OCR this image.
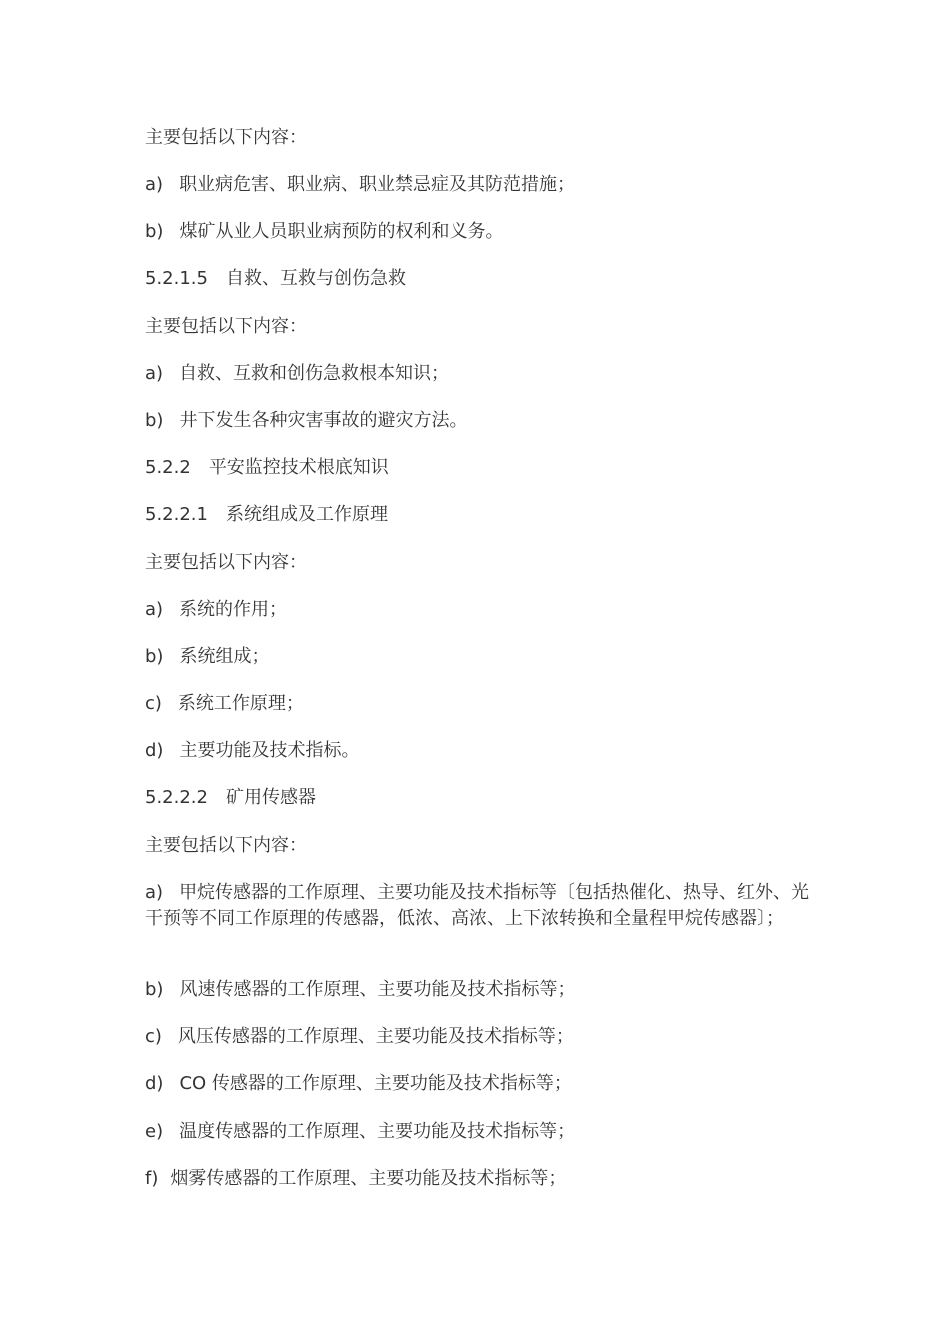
主要包括以下内容：
a) 职业病危害、职业病、职业禁忌症及其防范措施；
b) 煤矿从业人员职业病预防的权利和义务。
5.2.1.5 自救、互救与创伤急救
主要包括以下内容：
a) 自救、互救和创伤急救根本知识；
b) 井下发生各种灾害事故的避灾方法。
5.2.2 平安监控技术根底知识
5.2.2.1 系统组成及工作原理
主要包括以下内容：
a) 系统的作用；
b) 系统组成；
c) 系统工作原理；
d) 主要功能及技术指标。
5.2.2.2 矿用传感器
主要包括以下内容：
a) 甲烷传感器的工作原理、主要功能及技术指标等〔包括热催化、热导、红外、光干预等不同工作原理的传感器，低浓、高浓、上下浓转换和全量程甲烷传感器〕；
b) 风速传感器的工作原理、主要功能及技术指标等；
c) 风压传感器的工作原理、主要功能及技术指标等；
d) CO 传感器的工作原理、主要功能及技术指标等；
e) 温度传感器的工作原理、主要功能及技术指标等；
f) 烟雾传感器的工作原理、主要功能及技术指标等；
